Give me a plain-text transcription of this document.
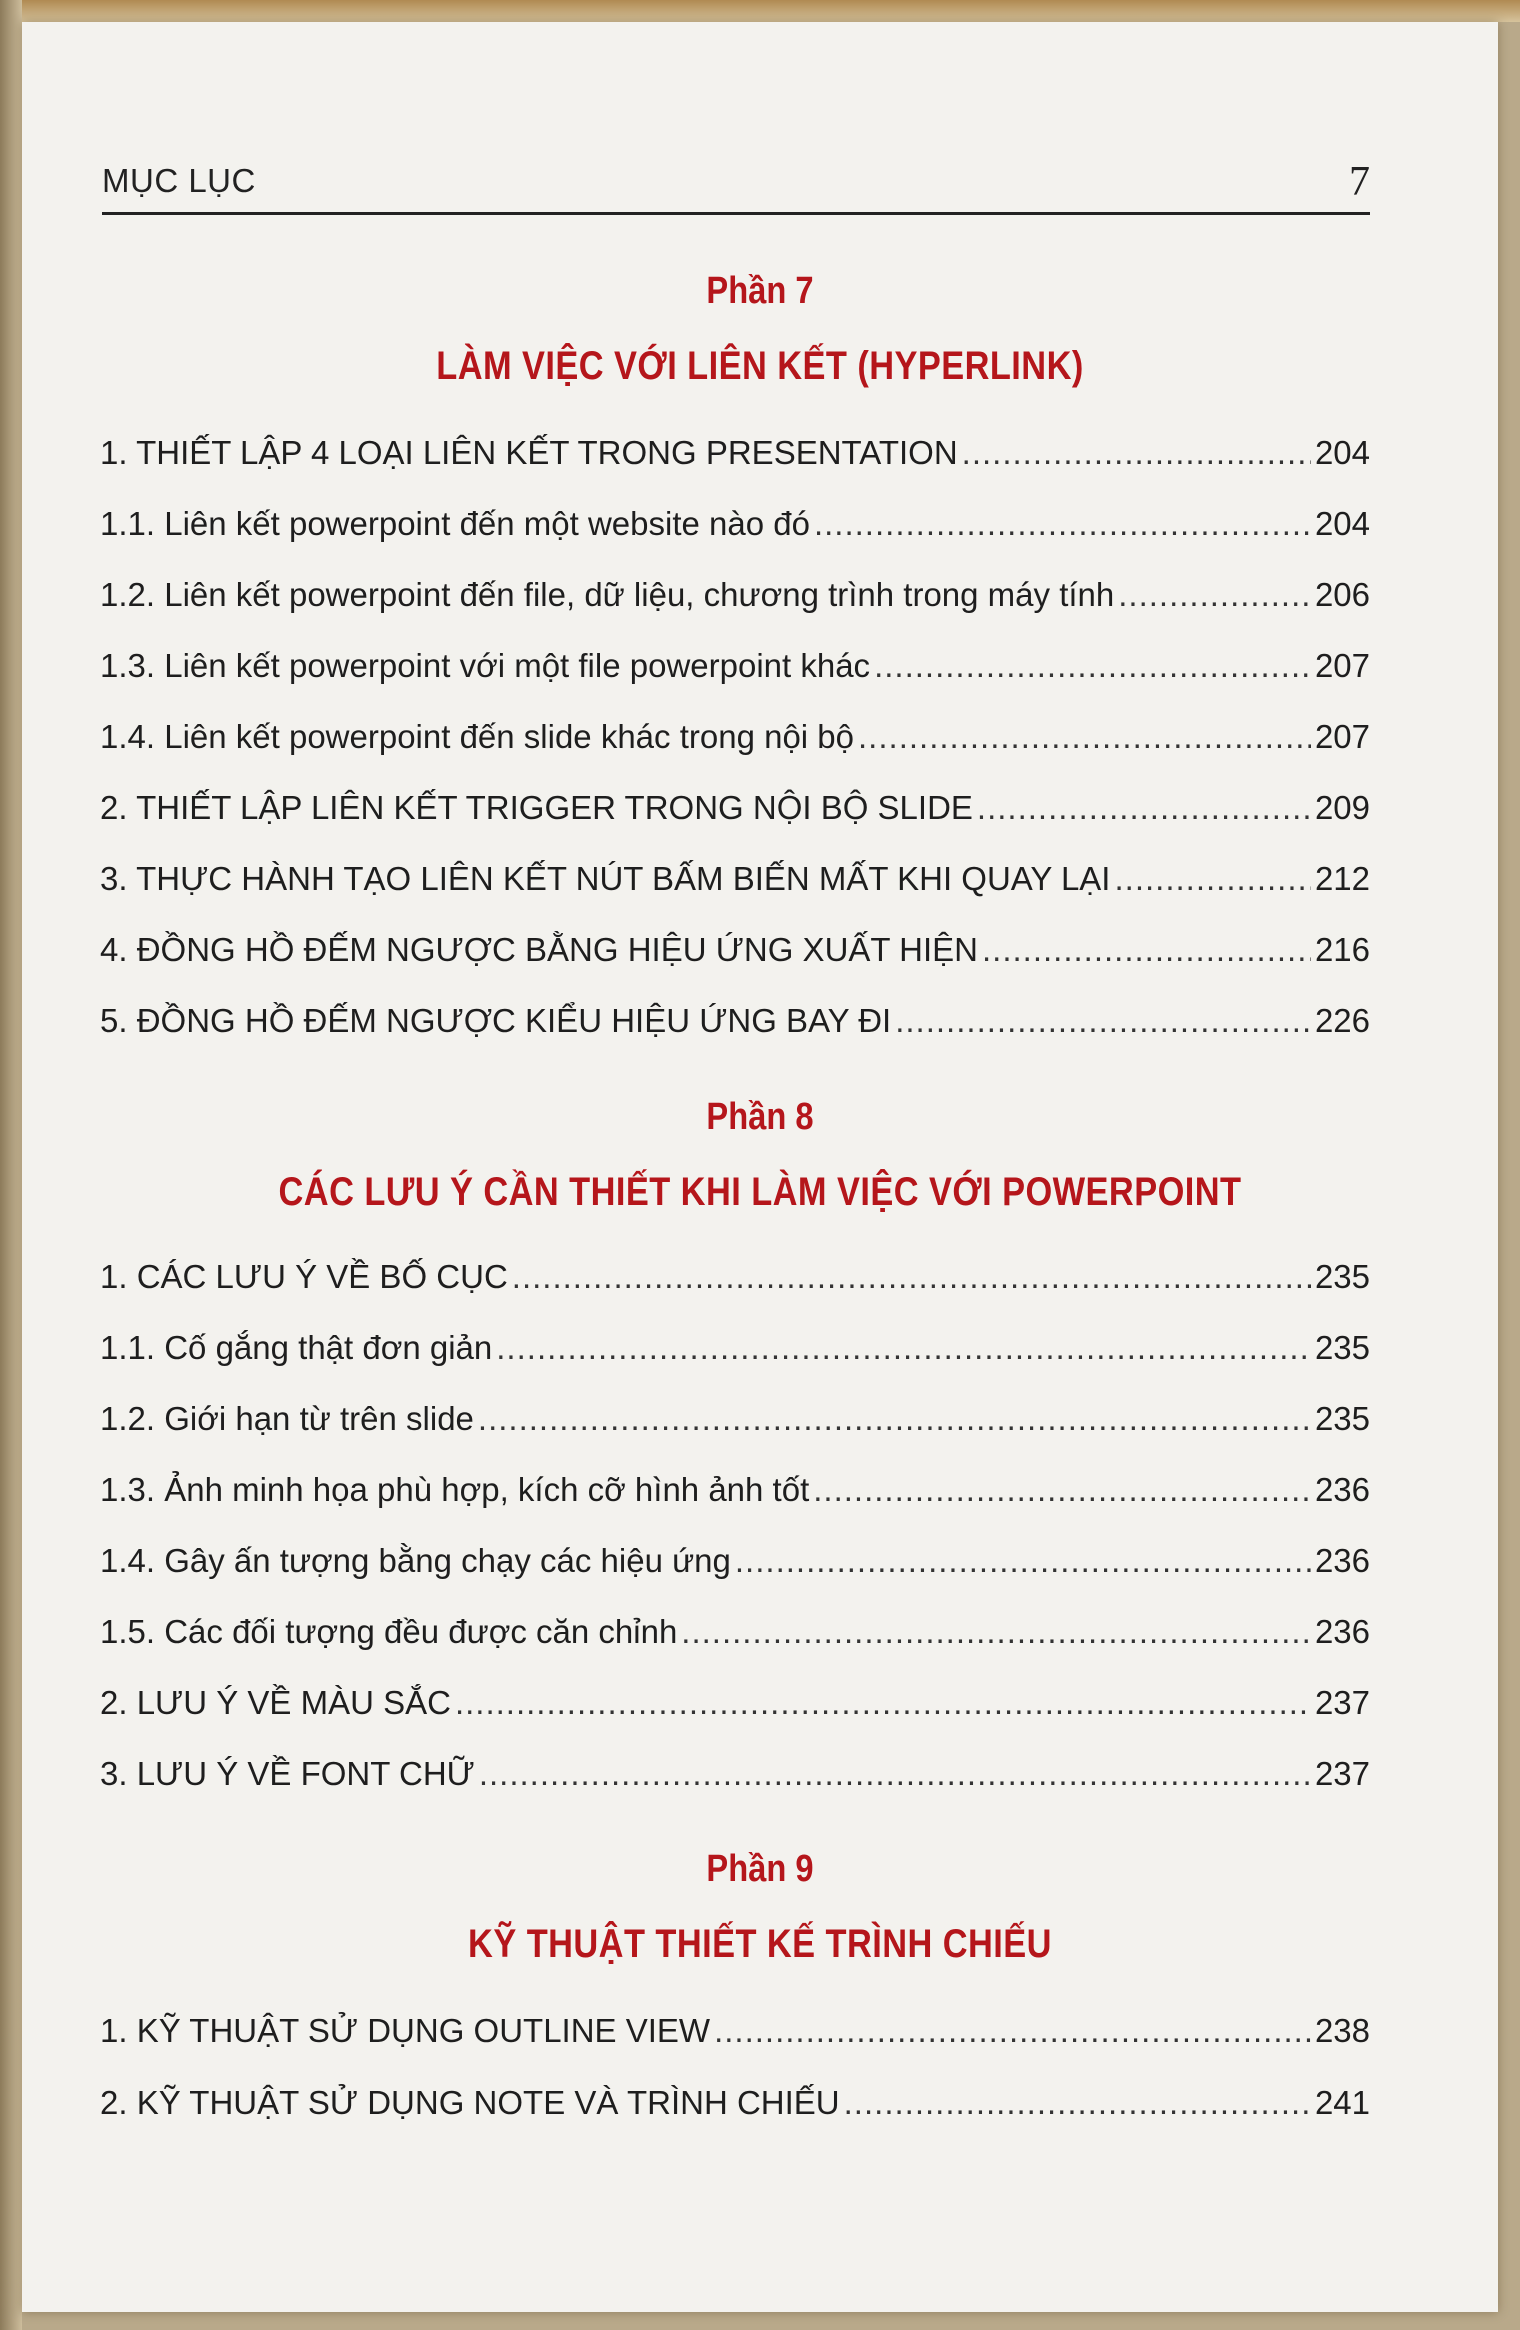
MỤC LỤC	7
Phần 7
LÀM VIỆC VỚI LIÊN KẾT (HYPERLINK)
1. THIẾT LẬP 4 LOẠI LIÊN KẾT TRONG PRESENTATION .....	204
1.1. Liên kết powerpoint đến một website nào đó .....	204
1.2. Liên kết powerpoint đến file, dữ liệu, chương trình trong máy tính .....	206
1.3. Liên kết powerpoint với một file powerpoint khác .....	207
1.4. Liên kết powerpoint đến slide khác trong nội bộ .....	207
2. THIẾT LẬP LIÊN KẾT TRIGGER TRONG NỘI BỘ SLIDE .....	209
3. THỰC HÀNH TẠO LIÊN KẾT NÚT BẤM BIẾN MẤT KHI QUAY LẠI .....	212
4. ĐỒNG HỒ ĐẾM NGƯỢC BẰNG HIỆU ỨNG XUẤT HIỆN .....	216
5. ĐỒNG HỒ ĐẾM NGƯỢC KIỂU HIỆU ỨNG BAY ĐI .....	226
Phần 8
CÁC LƯU Ý CẦN THIẾT KHI LÀM VIỆC VỚI POWERPOINT
1. CÁC LƯU Ý VỀ BỐ CỤC .....	235
1.1. Cố gắng thật đơn giản .....	235
1.2. Giới hạn từ trên slide .....	235
1.3. Ảnh minh họa phù hợp, kích cỡ hình ảnh tốt .....	236
1.4. Gây ấn tượng bằng chạy các hiệu ứng .....	236
1.5. Các đối tượng đều được căn chỉnh .....	236
2. LƯU Ý VỀ MÀU SẮC .....	237
3. LƯU Ý VỀ FONT CHỮ .....	237
Phần 9
KỸ THUẬT THIẾT KẾ TRÌNH CHIẾU
1. KỸ THUẬT SỬ DỤNG OUTLINE VIEW .....	238
2. KỸ THUẬT SỬ DỤNG NOTE VÀ TRÌNH CHIẾU .....	241
